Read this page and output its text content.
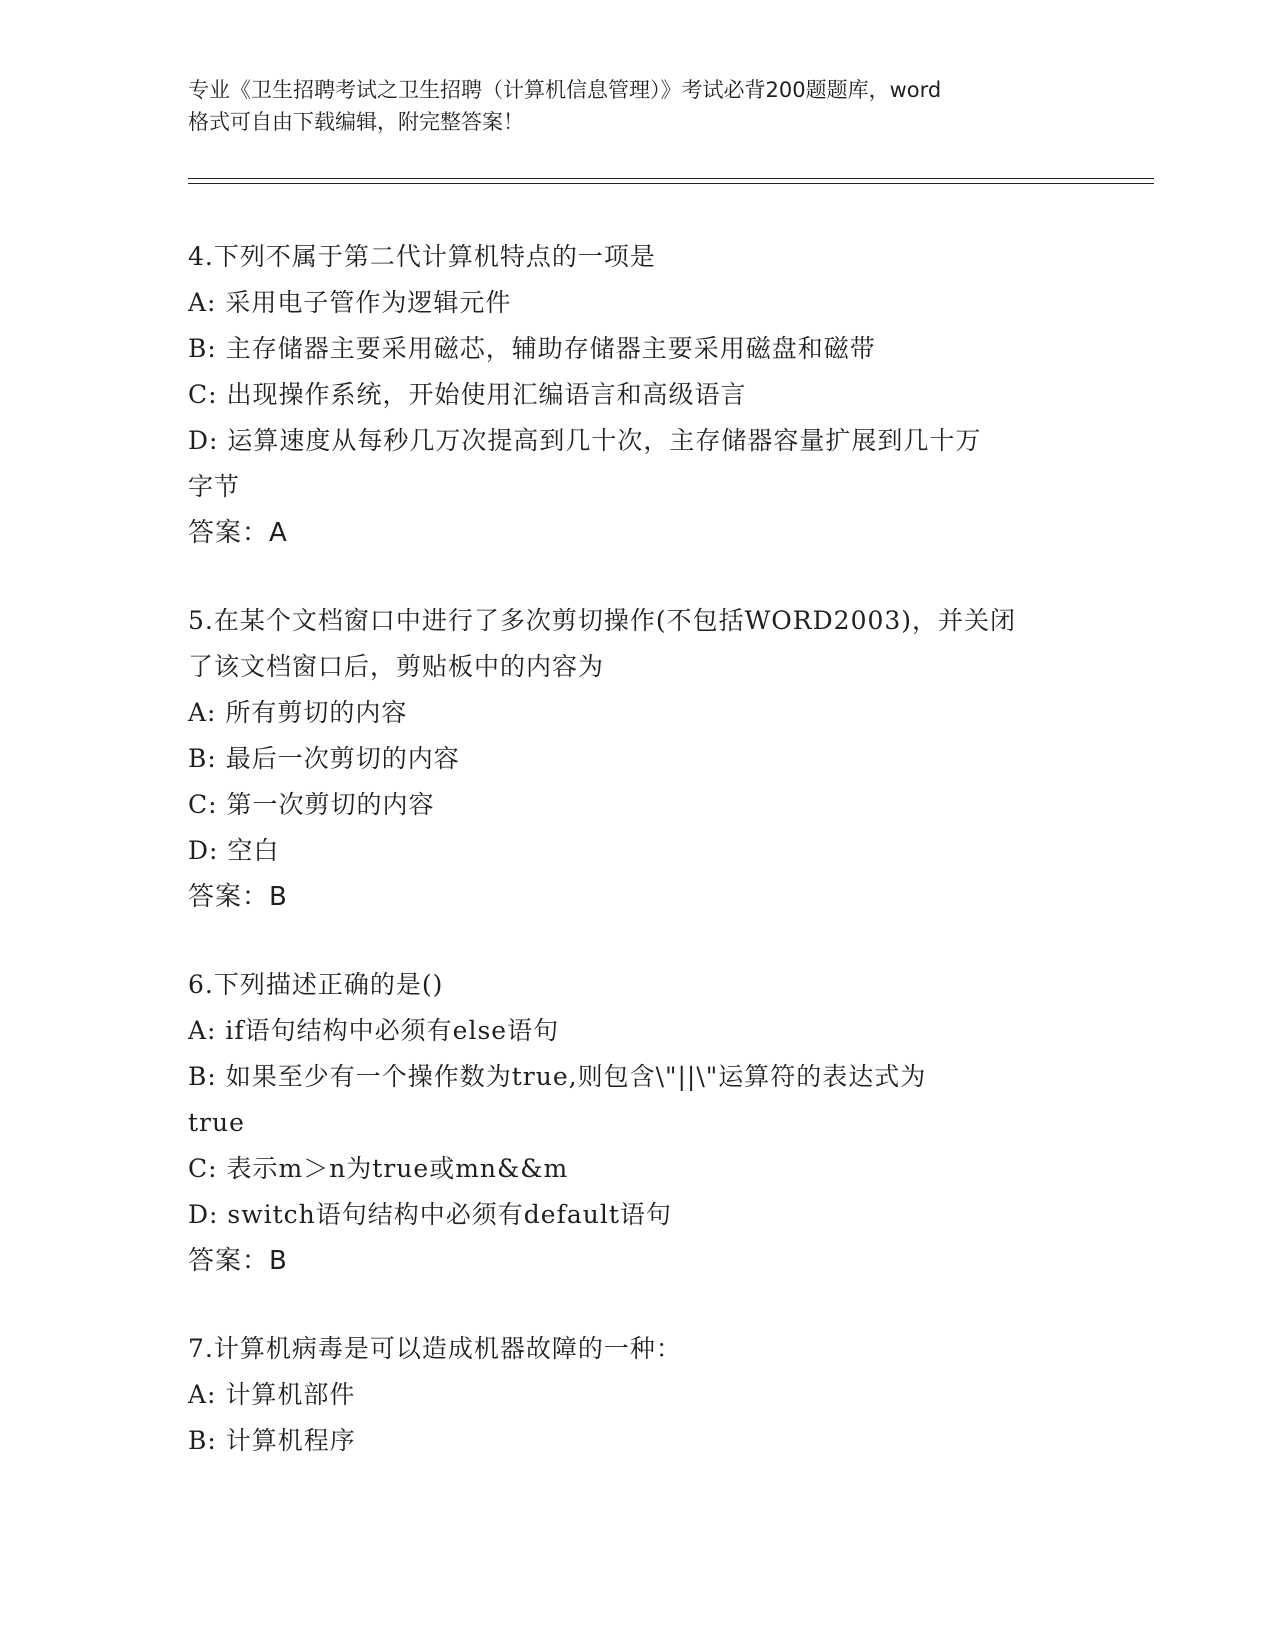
专业《卫生招聘考试之卫生招聘（计算机信息管理）》考试必背200题题库，word
格式可自由下载编辑，附完整答案！
4.下列不属于第二代计算机特点的一项是
A: 采用电子管作为逻辑元件
B: 主存储器主要采用磁芯，辅助存储器主要采用磁盘和磁带
C: 出现操作系统，开始使用汇编语言和高级语言
D: 运算速度从每秒几万次提高到几十次，主存储器容量扩展到几十万
字节
答案：A
5.在某个文档窗口中进行了多次剪切操作(不包括WORD2003)，并关闭
了该文档窗口后，剪贴板中的内容为
A: 所有剪切的内容
B: 最后一次剪切的内容
C: 第一次剪切的内容
D: 空白
答案：B
6.下列描述正确的是()
A: if语句结构中必须有else语句
B: 如果至少有一个操作数为true,则包含\"||\"运算符的表达式为
true
C: 表示m＞n为true或mn&&m
D: switch语句结构中必须有default语句
答案：B
7.计算机病毒是可以造成机器故障的一种：
A: 计算机部件
B: 计算机程序
